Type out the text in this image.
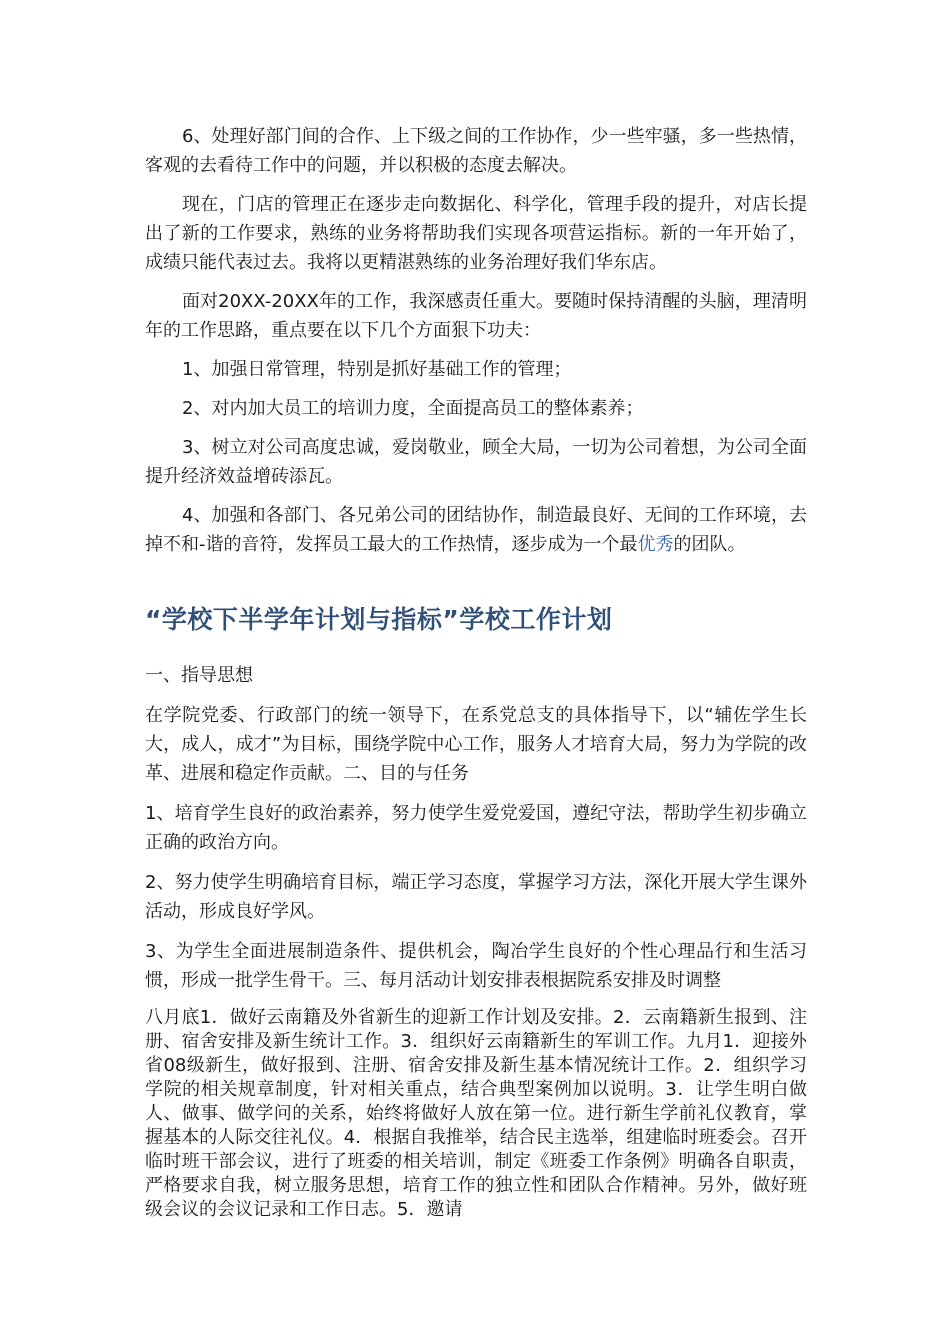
6、处理好部门间的合作、上下级之间的工作协作，少一些牢骚，多一些热情，客观的去看待工作中的问题，并以积极的态度去解决。

现在，门店的管理正在逐步走向数据化、科学化，管理手段的提升，对店长提出了新的工作要求，熟练的业务将帮助我们实现各项营运指标。新的一年开始了，成绩只能代表过去。我将以更精湛熟练的业务治理好我们华东店。

面对20XX-20XX年的工作，我深感责任重大。要随时保持清醒的头脑，理清明年的工作思路，重点要在以下几个方面狠下功夫：

1、加强日常管理，特别是抓好基础工作的管理；

2、对内加大员工的培训力度，全面提高员工的整体素养；

3、树立对公司高度忠诚，爱岗敬业，顾全大局，一切为公司着想，为公司全面提升经济效益增砖添瓦。

4、加强和各部门、各兄弟公司的团结协作，制造最良好、无间的工作环境，去掉不和-谐的音符，发挥员工最大的工作热情，逐步成为一个最优秀的团队。

“学校下半学年计划与指标”学校工作计划

一、指导思想

在学院党委、行政部门的统一领导下，在系党总支的具体指导下，以“辅佐学生长大，成人，成才”为目标，围绕学院中心工作，服务人才培育大局，努力为学院的改革、进展和稳定作贡献。二、目的与任务

1、培育学生良好的政治素养，努力使学生爱党爱国，遵纪守法，帮助学生初步确立正确的政治方向。

2、努力使学生明确培育目标，端正学习态度，掌握学习方法，深化开展大学生课外活动，形成良好学风。

3、为学生全面进展制造条件、提供机会，陶冶学生良好的个性心理品行和生活习惯，形成一批学生骨干。三、每月活动计划安排表根据院系安排及时调整

八月底1．做好云南籍及外省新生的迎新工作计划及安排。2．云南籍新生报到、注册、宿舍安排及新生统计工作。3．组织好云南籍新生的军训工作。九月1．迎接外省08级新生，做好报到、注册、宿舍安排及新生基本情况统计工作。2．组织学习学院的相关规章制度，针对相关重点，结合典型案例加以说明。3．让学生明白做人、做事、做学问的关系，始终将做好人放在第一位。进行新生学前礼仪教育，掌握基本的人际交往礼仪。4．根据自我推举，结合民主选举，组建临时班委会。召开临时班干部会议，进行了班委的相关培训，制定《班委工作条例》明确各自职责，严格要求自我，树立服务思想，培育工作的独立性和团队合作精神。另外，做好班级会议的会议记录和工作日志。5．邀请
